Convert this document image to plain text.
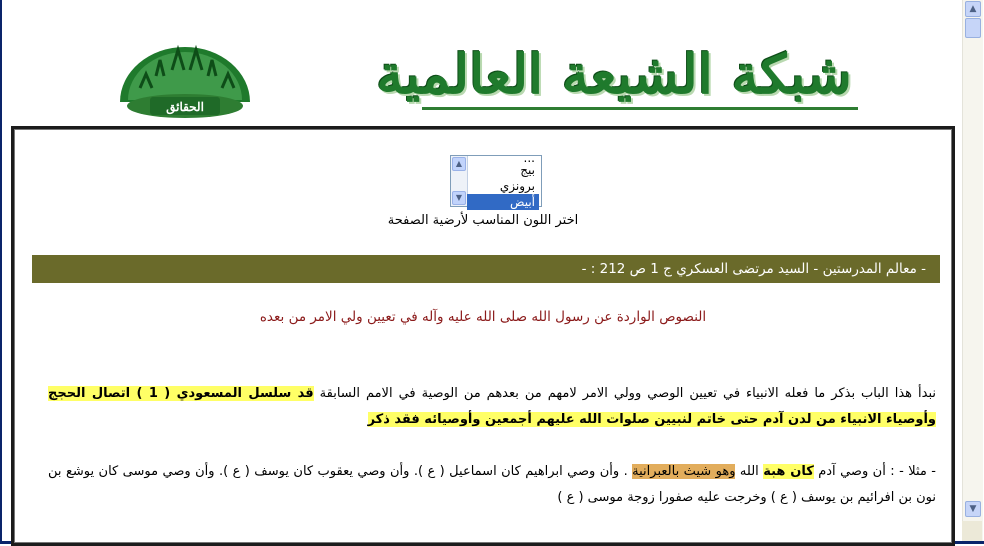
الحقائق
شبكة الشيعة العالمية
▲
▼
...
بيج
برونزي
أبيض
اختر اللون المناسب لأرضية الصفحة
- معالم المدرستين - السيد مرتضى العسكري ج 1 ص 212 : -
النصوص الواردة عن رسول الله صلى الله عليه وآله في تعيين ولي الامر من بعده
نبدأ هذا الباب بذكر ما فعله الانبياء في تعيين الوصي وولي الامر لامهم من بعدهم من الوصية في الامم السابقة قد سلسل المسعودي ( 1 ) اتصال الحجج وأوصياء الانبياء من لدن آدم حتى خاتم لنبيين صلوات الله عليهم أجمعين وأوصيائه فقد ذكر
- مثلا - : أن وصي آدم كان هبة الله وهو شيث بالعبرانية . وأن وصي ابراهيم كان اسماعيل ( ع ). وأن وصي يعقوب كان يوسف ( ع ). وأن وصي موسى كان يوشع بن نون بن افرائيم بن يوسف ( ع ) وخرجت عليه صفورا زوجة موسى ( ع )
▲
▼
